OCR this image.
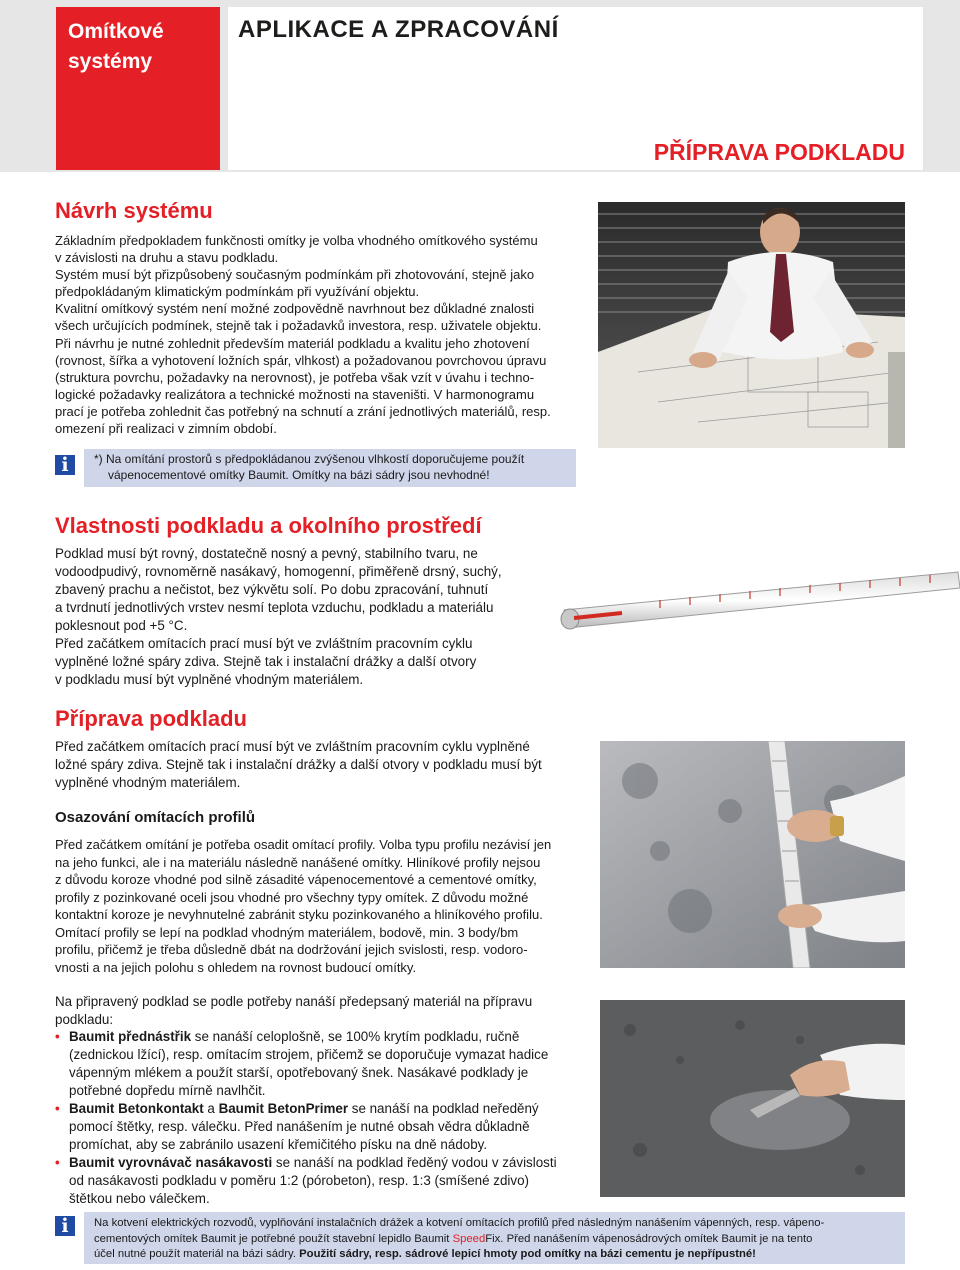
Omítkové
systémy
APLIKACE A ZPRACOVÁNÍ
PŘÍPRAVA PODKLADU
Návrh systému
Základním předpokladem funkčnosti omítky je volba vhodného omítkového systému
v závislosti na druhu a stavu podkladu.
Systém musí být přizpůsobený současným podmínkám při zhotovování, stejně jako
předpokládaným klimatickým podmínkám při využívání objektu.
Kvalitní omítkový systém není možné zodpovědně navrhnout bez důkladné znalosti
všech určujících podmínek, stejně tak i požadavků investora, resp. uživatele objektu.
Při návrhu je nutné zohlednit především materiál podkladu a kvalitu jeho zhotovení
(rovnost, šířka a vyhotovení ložních spár, vlhkost) a požadovanou povrchovou úpravu
(struktura povrchu, požadavky na nerovnost), je potřeba však vzít v úvahu i techno-
logické požadavky realizátora a technické možnosti na staveništi. V harmonogramu
prací je potřeba zohlednit čas potřebný na schnutí a zrání jednotlivých materiálů, resp.
omezení při realizaci v zimním období.
i	*) Na omítání prostorů s předpokládanou zvýšenou vlhkostí doporučujeme použít
vápenocementové omítky Baumit. Omítky na bázi sádry jsou nevhodné!
Vlastnosti podkladu a okolního prostředí
Podklad musí být rovný, dostatečně nosný a pevný, stabilního tvaru, ne
vodoodpudivý, rovnoměrně nasákavý, homogenní, přiměřeně drsný, suchý,
zbavený prachu a nečistot, bez výkvětu solí. Po dobu zpracování, tuhnutí
a tvrdnutí jednotlivých vrstev nesmí teplota vzduchu, podkladu a materiálu
poklesnout pod +5 °C.
Před začátkem omítacích prací musí být ve zvláštním pracovním cyklu
vyplněné ložné spáry zdiva. Stejně tak i instalační drážky a další otvory
v podkladu musí být vyplněné vhodným materiálem.
Příprava podkladu
Před začátkem omítacích prací musí být ve zvláštním pracovním cyklu vyplněné
ložné spáry zdiva. Stejně tak i instalační drážky a další otvory v podkladu musí být
vyplněné vhodným materiálem.
Osazování omítacích profilů
Před začátkem omítání je potřeba osadit omítací profily. Volba typu profilu nezávisí jen
na jeho funkci, ale i na materiálu následně nanášené omítky. Hliníkové profily nejsou
z důvodu koroze vhodné pod silně zásadité vápenocementové a cementové omítky,
profily z pozinkované oceli jsou vhodné pro všechny typy omítek. Z důvodu možné
kontaktní koroze je nevyhnutelné zabránit styku pozinkovaného a hliníkového profilu.
Omítací profily se lepí na podklad vhodným materiálem, bodově, min. 3 body/bm
profilu, přičemž je třeba důsledně dbát na dodržování jejich svislosti, resp. vodoro-
vnosti a na jejich polohu s ohledem na rovnost budoucí omítky.
Na připravený podklad se podle potřeby nanáší předepsaný materiál na přípravu
podkladu:
• Baumit přednástřik se nanáší celoplošně, se 100% krytím podkladu, ručně
(zednickou lžící), resp. omítacím strojem, přičemž se doporučuje vymazat hadice
vápenným mlékem a použít starší, opotřebovaný šnek. Nasákavé podklady je
potřebné dopředu mírně navlhčit.
• Baumit Betonkontakt a Baumit BetonPrimer se nanáší na podklad neředěný
pomocí štětky, resp. válečku. Před nanášením je nutné obsah vědra důkladně
promíchat, aby se zabránilo usazení křemičitého písku na dně nádoby.
• Baumit vyrovnávač nasákavosti se nanáší na podklad ředěný vodou v závislosti
od nasákavosti podkladu v poměru 1:2 (pórobeton), resp. 1:3 (smíšené zdivo)
štětkou nebo válečkem.
i	Na kotvení elektrických rozvodů, vyplňování instalačních drážek a kotvení omítacích profilů před následným nanášením vápenných, resp. vápeno-
cementových omítek Baumit je potřebné použít stavební lepidlo Baumit SpeedFix. Před nanášením vápenosádrových omítek Baumit je na tento
účel nutné použít materiál na bázi sádry. Použití sádry, resp. sádrové lepicí hmoty pod omítky na bázi cementu je nepřípustné!
